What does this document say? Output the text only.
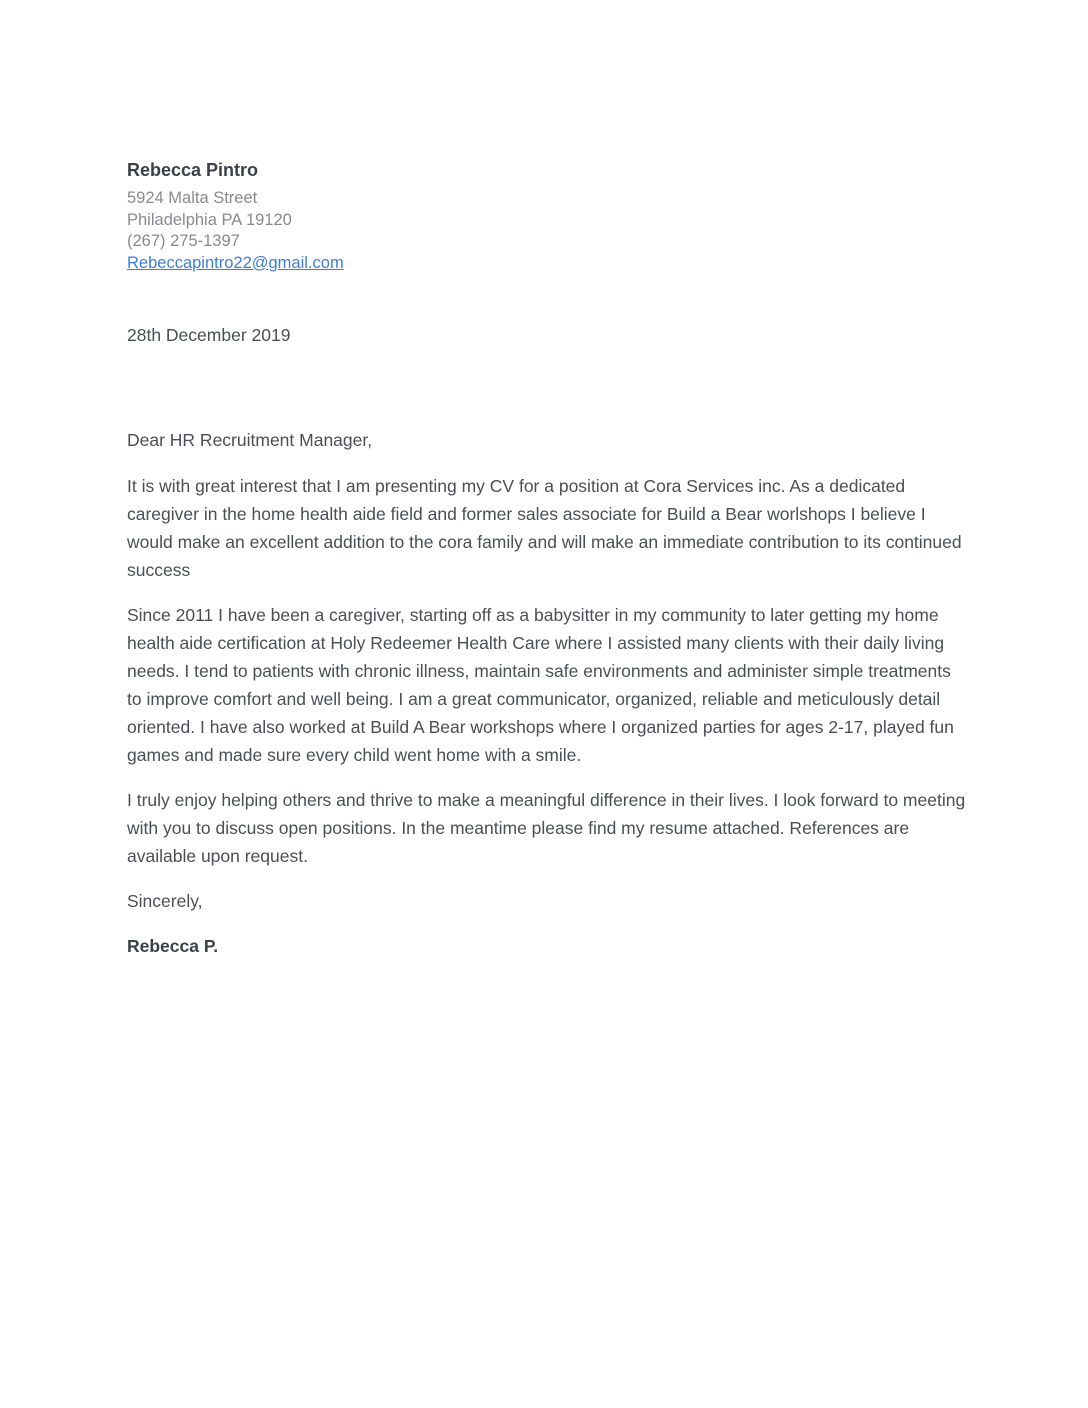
Rebecca Pintro
5924 Malta Street
Philadelphia PA 19120
(267) 275-1397
Rebeccapintro22@gmail.com
28th December 2019
Dear HR Recruitment Manager,

It is with great interest that I am presenting my CV for a position at Cora Services inc. As a dedicated caregiver in the home health aide field and former sales associate for Build a Bear worlshops I believe I would make an excellent addition to the cora family and will make an immediate contribution to its continued success

Since 2011 I have been a caregiver, starting off as a babysitter in my community to later getting my home health aide certification at Holy Redeemer Health Care where I assisted many clients with their daily living needs. I tend to patients with chronic illness, maintain safe environments and administer simple treatments to improve comfort and well being. I am a great communicator, organized, reliable and meticulously detail oriented. I have also worked at Build A Bear workshops where I organized parties for ages 2-17, played fun games and made sure every child went home with a smile.

I truly enjoy helping others and thrive to make a meaningful difference in their lives. I look forward to meeting with you to discuss open positions. In the meantime please find my resume attached. References are available upon request.

Sincerely,
Rebecca P.
